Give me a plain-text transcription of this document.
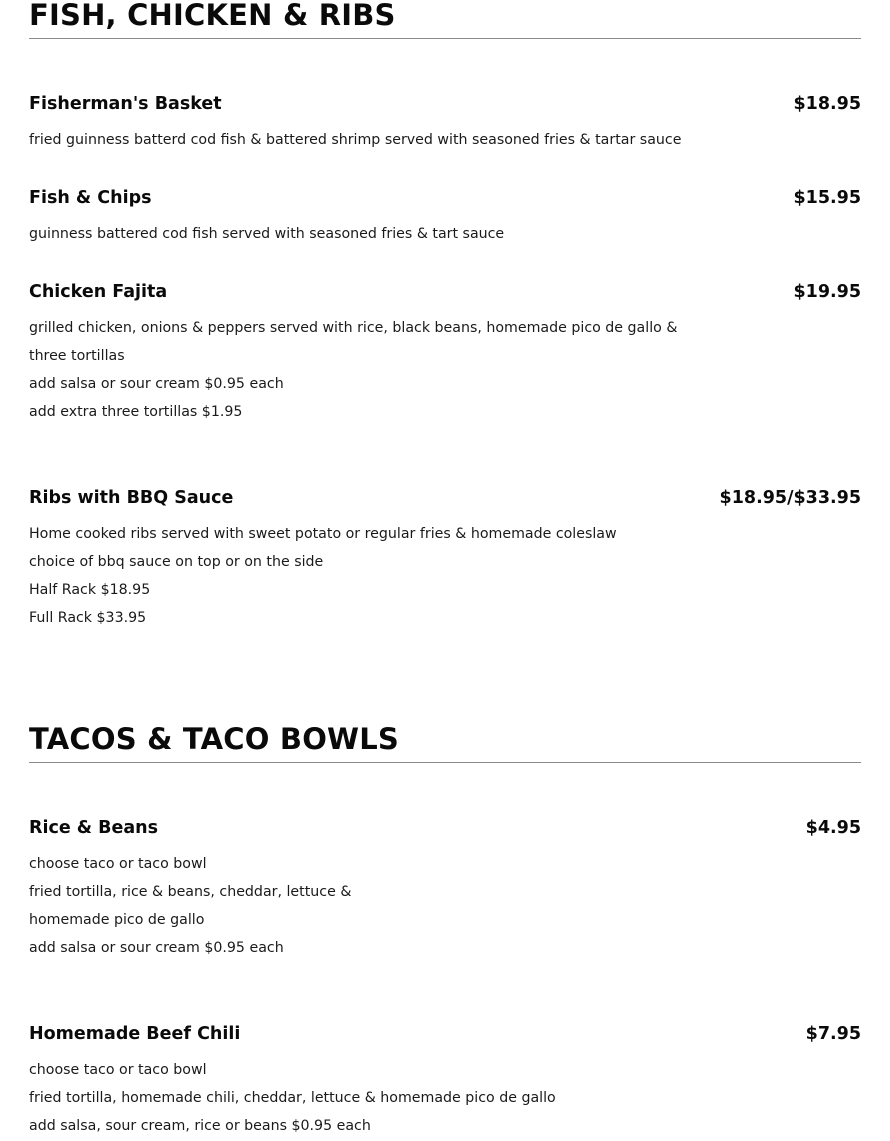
FISH, CHICKEN & RIBS
Fisherman's Basket	$18.95
fried guinness batterd cod fish & battered shrimp served with seasoned fries & tartar sauce
Fish & Chips	$15.95
guinness battered cod fish served with seasoned fries & tart sauce
Chicken Fajita	$19.95
grilled chicken, onions & peppers served with rice, black beans, homemade pico de gallo &
three tortillas
add salsa or sour cream $0.95 each
add extra three tortillas $1.95
Ribs with BBQ Sauce	$18.95/$33.95
Home cooked ribs served with sweet potato or regular fries & homemade coleslaw
choice of bbq sauce on top or on the side
Half Rack $18.95
Full Rack $33.95
TACOS & TACO BOWLS
Rice & Beans	$4.95
choose taco or taco bowl
fried tortilla, rice & beans, cheddar, lettuce &
homemade pico de gallo
add salsa or sour cream $0.95 each
Homemade Beef Chili	$7.95
choose taco or taco bowl
fried tortilla, homemade chili, cheddar, lettuce & homemade pico de gallo
add salsa, sour cream, rice or beans $0.95 each
